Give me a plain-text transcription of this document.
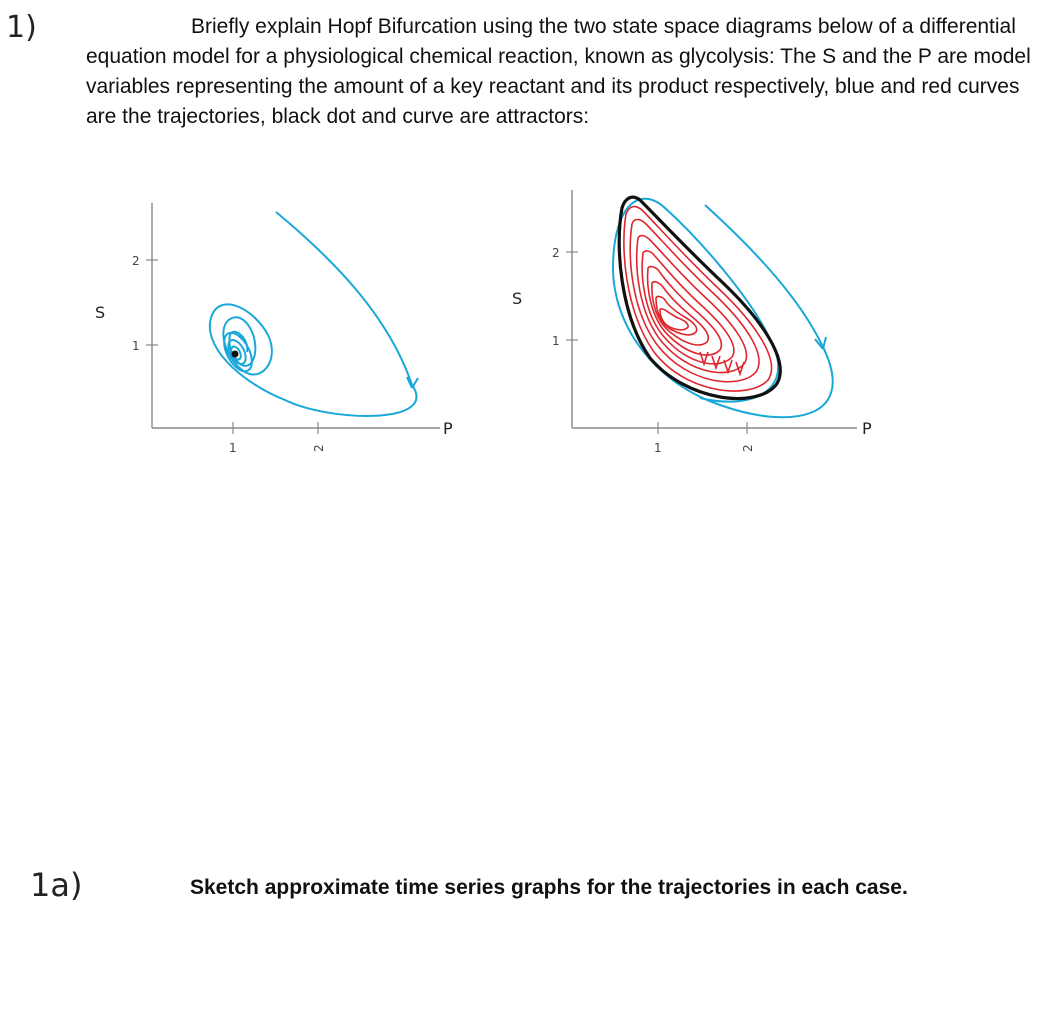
1)	Briefly explain Hopf Bifurcation using the two state space diagrams below of a differential equation model for a physiological chemical reaction, known as glycolysis: The S and the P are model variables representing the amount of a key reactant and its product respectively, blue and red curves are the trajectories, black dot and curve are attractors:
2
1
1	2
S
P
2
1
1	2
S
P
1a)	Sketch approximate time series graphs for the trajectories in each case.
